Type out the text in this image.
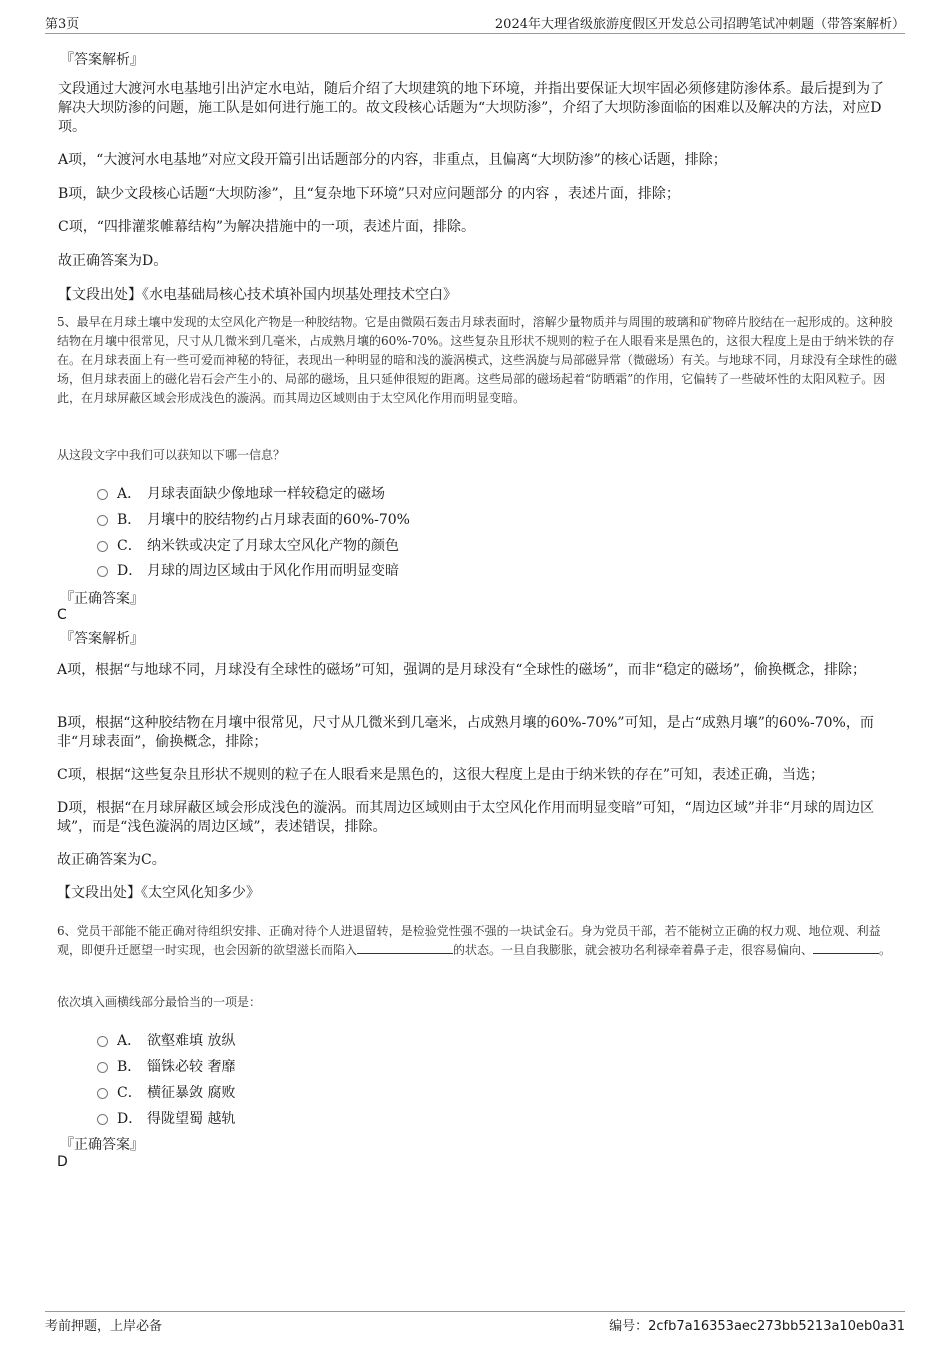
第3页	2024年大理省级旅游度假区开发总公司招聘笔试冲刺题（带答案解析）
『答案解析』
文段通过大渡河水电基地引出泸定水电站，随后介绍了大坝建筑的地下环境，并指出要保证大坝牢固必须修建防渗体系。最后提到为了解决大坝防渗的问题，施工队是如何进行施工的。故文段核心话题为“大坝防渗”，介绍了大坝防渗面临的困难以及解决的方法，对应D项。
A项，“大渡河水电基地”对应文段开篇引出话题部分的内容，非重点，且偏离“大坝防渗”的核心话题，排除；
B项，缺少文段核心话题“大坝防渗”，且“复杂地下环境”只对应问题部分 的内容 ，表述片面，排除；
C项，“四排灌浆帷幕结构”为解决措施中的一项，表述片面，排除。
故正确答案为D。
【文段出处】《水电基础局核心技术填补国内坝基处理技术空白》
5、最早在月球土壤中发现的太空风化产物是一种胶结物。它是由微陨石轰击月球表面时，溶解少量物质并与周围的玻璃和矿物碎片胶结在一起形成的。这种胶结物在月壤中很常见，尺寸从几微米到几毫米，占成熟月壤的60%-70%。这些复杂且形状不规则的粒子在人眼看来是黑色的，这很大程度上是由于纳米铁的存在。在月球表面上有一些可爱而神秘的特征，表现出一种明显的暗和浅的漩涡模式，这些涡旋与局部磁异常（微磁场）有关。与地球不同，月球没有全球性的磁场，但月球表面上的磁化岩石会产生小的、局部的磁场，且只延伸很短的距离。这些局部的磁场起着“防晒霜”的作用，它偏转了一些破坏性的太阳风粒子。因此，在月球屏蔽区域会形成浅色的漩涡。而其周边区域则由于太空风化作用而明显变暗。
从这段文字中我们可以获知以下哪一信息？
A． 月球表面缺少像地球一样较稳定的磁场
B． 月壤中的胶结物约占月球表面的60%-70%
C． 纳米铁或决定了月球太空风化产物的颜色
D． 月球的周边区域由于风化作用而明显变暗
『正确答案』
C
『答案解析』
A项，根据“与地球不同，月球没有全球性的磁场”可知，强调的是月球没有“全球性的磁场”，而非“稳定的磁场”，偷换概念，排除；
B项，根据“这种胶结物在月壤中很常见，尺寸从几微米到几毫米，占成熟月壤的60%-70%”可知，是占“成熟月壤”的60%-70%，而非“月球表面”，偷换概念，排除；
C项，根据“这些复杂且形状不规则的粒子在人眼看来是黑色的，这很大程度上是由于纳米铁的存在”可知，表述正确，当选；
D项，根据“在月球屏蔽区域会形成浅色的漩涡。而其周边区域则由于太空风化作用而明显变暗”可知，“周边区域”并非“月球的周边区域”，而是“浅色漩涡的周边区域”，表述错误，排除。
故正确答案为C。
【文段出处】《太空风化知多少》
6、党员干部能不能正确对待组织安排、正确对待个人进退留转，是检验党性强不强的一块试金石。身为党员干部，若不能树立正确的权力观、地位观、利益观，即便升迁愿望一时实现，也会因新的欲望滋长而陷入	的状态。一旦自我膨胀，就会被功名利禄牵着鼻子走，很容易偏向、	。
依次填入画横线部分最恰当的一项是：
A． 欲壑难填 放纵
B． 锱铢必较 奢靡
C． 横征暴敛 腐败
D． 得陇望蜀 越轨
『正确答案』
D
考前押题，上岸必备	编号：2cfb7a16353aec273bb5213a10eb0a31
